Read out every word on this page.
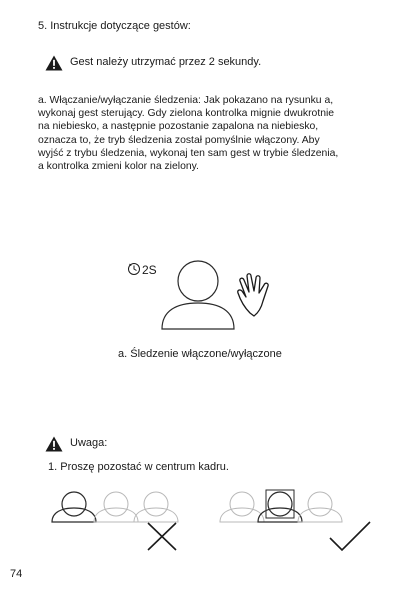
5. Instrukcje dotyczące gestów:

Gest należy utrzymać przez 2 sekundy.

a. Włączanie/wyłączanie śledzenia: Jak pokazano na rysunku a,
wykonaj gest sterujący. Gdy zielona kontrolka mignie dwukrotnie
na niebiesko, a następnie pozostanie zapalona na niebiesko,
oznacza to, że tryb śledzenia został pomyślnie włączony. Aby
wyjść z trybu śledzenia, wykonaj ten sam gest w trybie śledzenia,
a kontrolka zmieni kolor na zielony.

2S

a. Śledzenie włączone/wyłączone

Uwaga:

1. Proszę pozostać w centrum kadru.

74
